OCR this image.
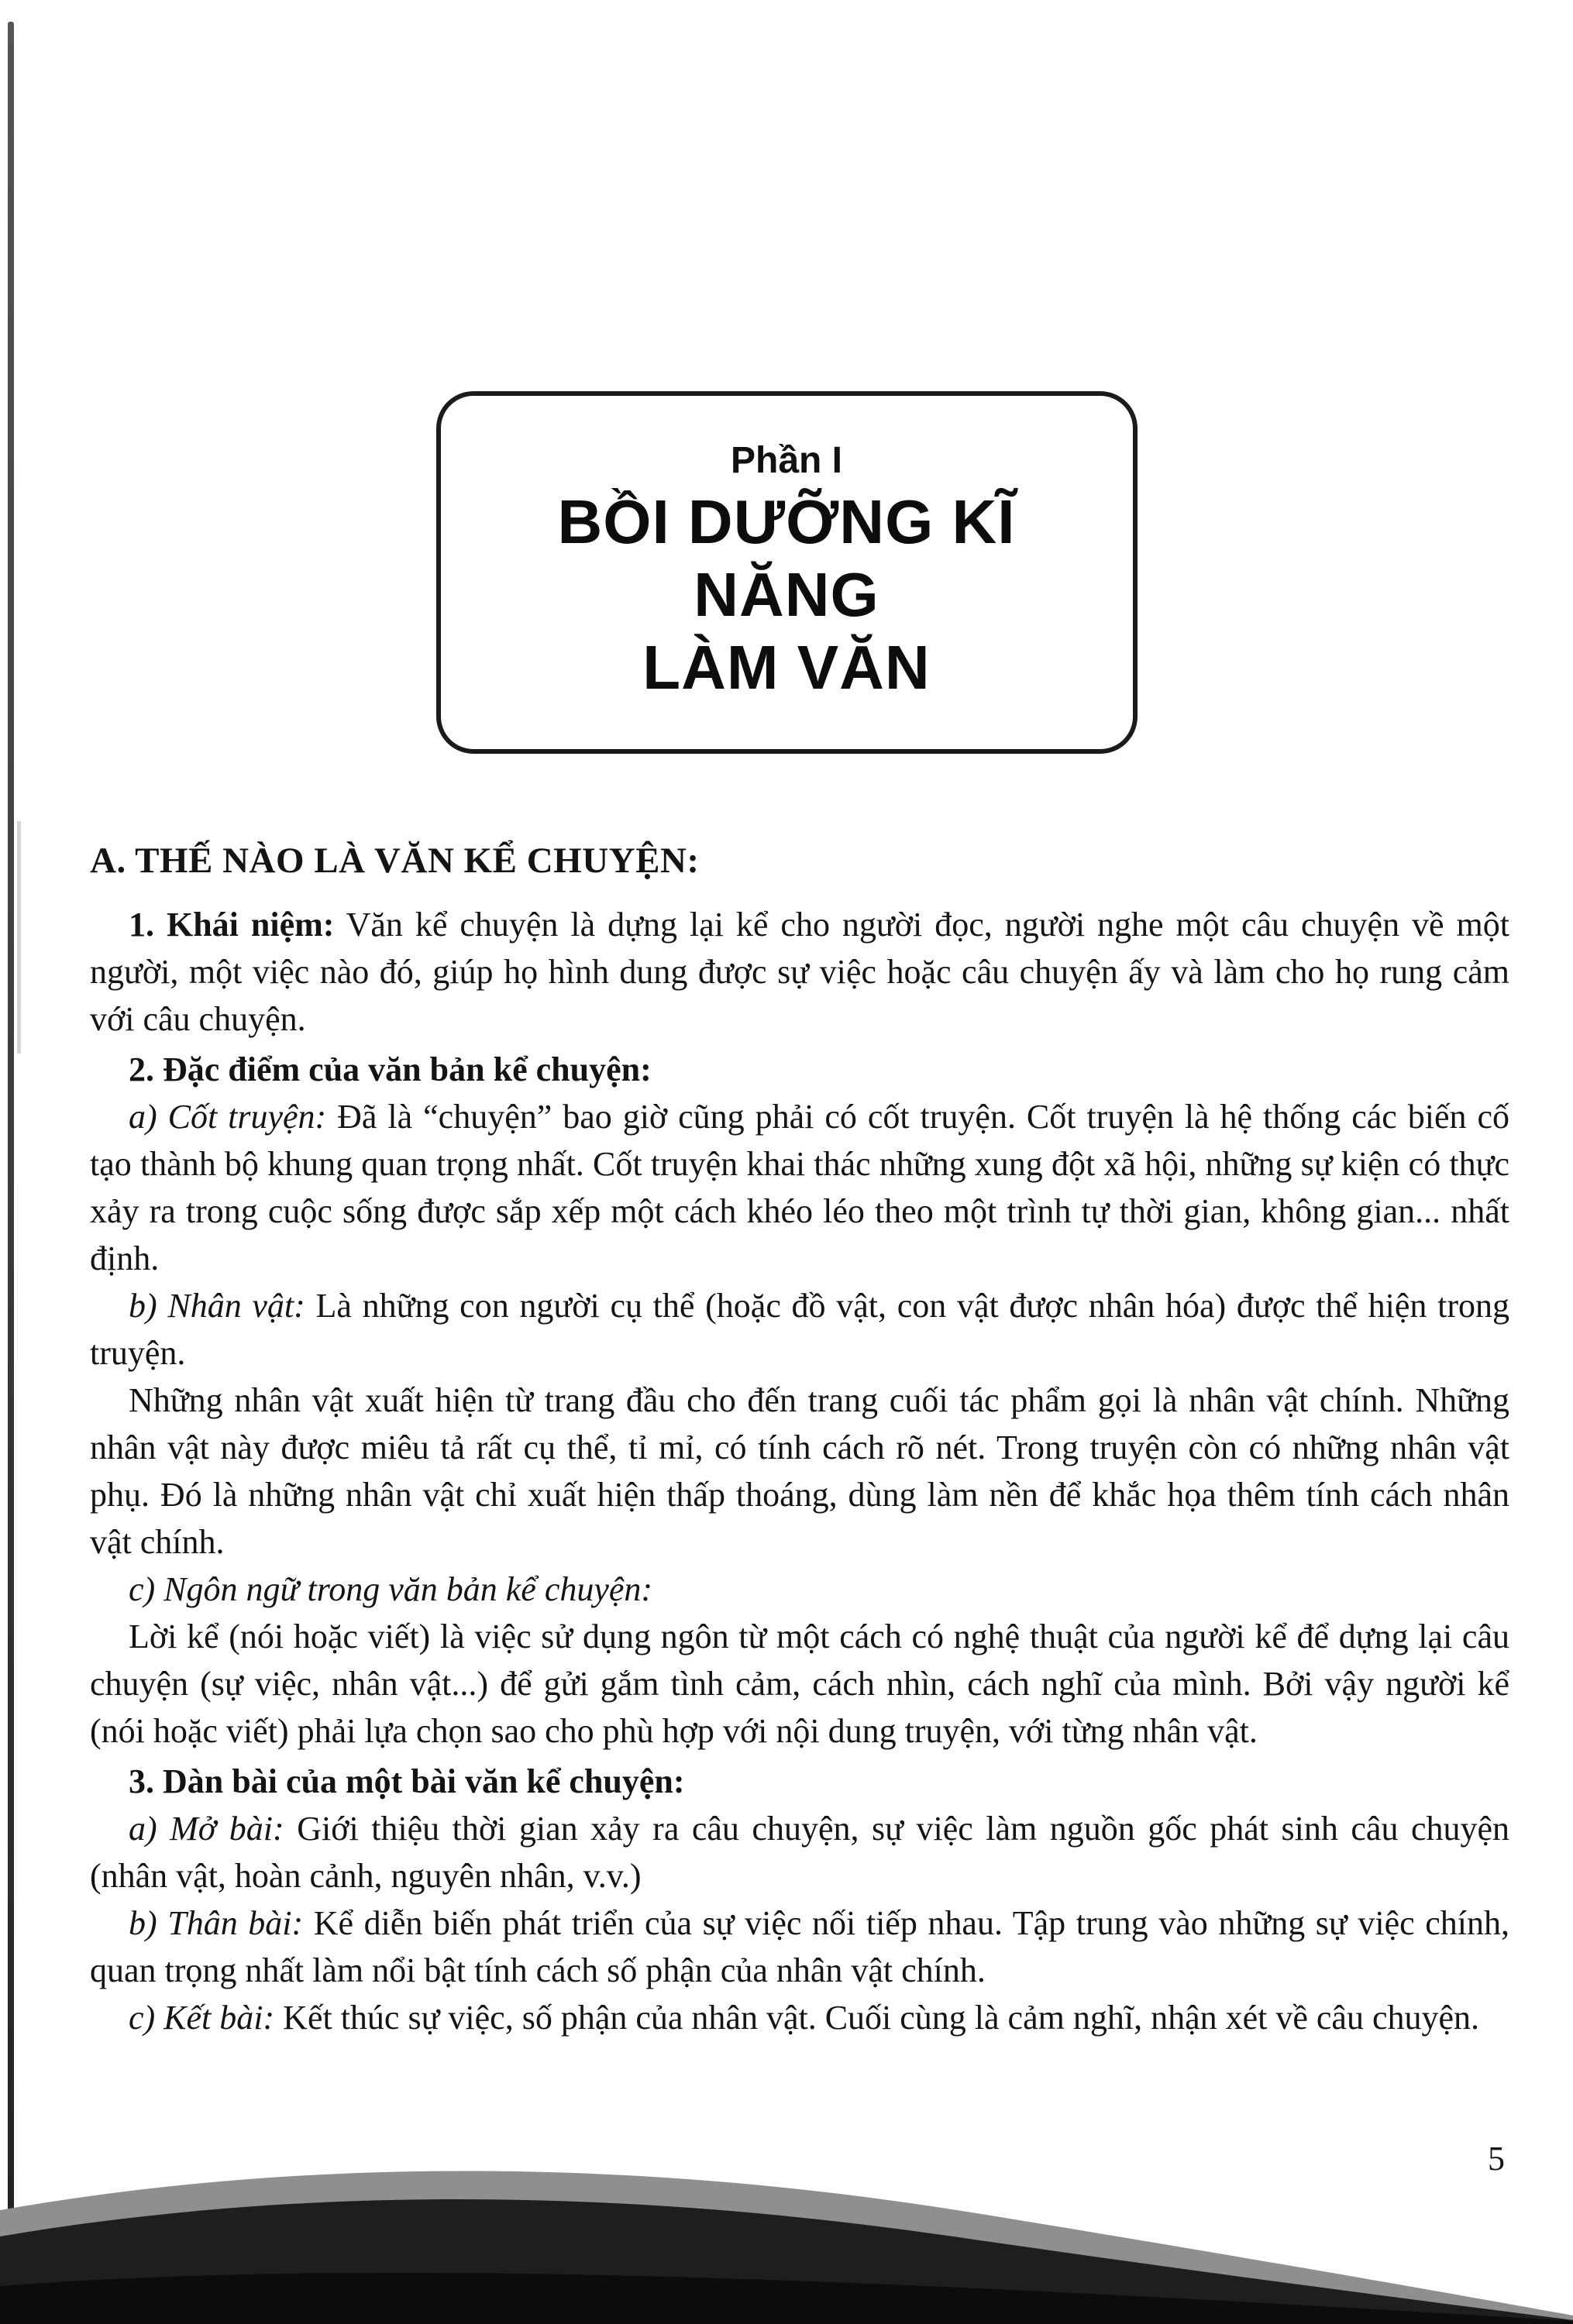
Phần I
BỒI DƯỠNG KĨ NĂNG
LÀM VĂN
A. THẾ NÀO LÀ VĂN KỂ CHUYỆN:

1. Khái niệm: Văn kể chuyện là dựng lại kể cho người đọc, người nghe một câu chuyện về một người, một việc nào đó, giúp họ hình dung được sự việc hoặc câu chuyện ấy và làm cho họ rung cảm với câu chuyện.

2. Đặc điểm của văn bản kể chuyện:

a) Cốt truyện: Đã là “chuyện” bao giờ cũng phải có cốt truyện. Cốt truyện là hệ thống các biến cố tạo thành bộ khung quan trọng nhất. Cốt truyện khai thác những xung đột xã hội, những sự kiện có thực xảy ra trong cuộc sống được sắp xếp một cách khéo léo theo một trình tự thời gian, không gian... nhất định.

b) Nhân vật: Là những con người cụ thể (hoặc đồ vật, con vật được nhân hóa) được thể hiện trong truyện.

Những nhân vật xuất hiện từ trang đầu cho đến trang cuối tác phẩm gọi là nhân vật chính. Những nhân vật này được miêu tả rất cụ thể, tỉ mỉ, có tính cách rõ nét. Trong truyện còn có những nhân vật phụ. Đó là những nhân vật chỉ xuất hiện thấp thoáng, dùng làm nền để khắc họa thêm tính cách nhân vật chính.

c) Ngôn ngữ trong văn bản kể chuyện:

Lời kể (nói hoặc viết) là việc sử dụng ngôn từ một cách có nghệ thuật của người kể để dựng lại câu chuyện (sự việc, nhân vật...) để gửi gắm tình cảm, cách nhìn, cách nghĩ của mình. Bởi vậy người kể (nói hoặc viết) phải lựa chọn sao cho phù hợp với nội dung truyện, với từng nhân vật.

3. Dàn bài của một bài văn kể chuyện:

a) Mở bài: Giới thiệu thời gian xảy ra câu chuyện, sự việc làm nguồn gốc phát sinh câu chuyện (nhân vật, hoàn cảnh, nguyên nhân, v.v.)

b) Thân bài: Kể diễn biến phát triển của sự việc nối tiếp nhau. Tập trung vào những sự việc chính, quan trọng nhất làm nổi bật tính cách số phận của nhân vật chính.

c) Kết bài: Kết thúc sự việc, số phận của nhân vật. Cuối cùng là cảm nghĩ, nhận xét về câu chuyện.

5
